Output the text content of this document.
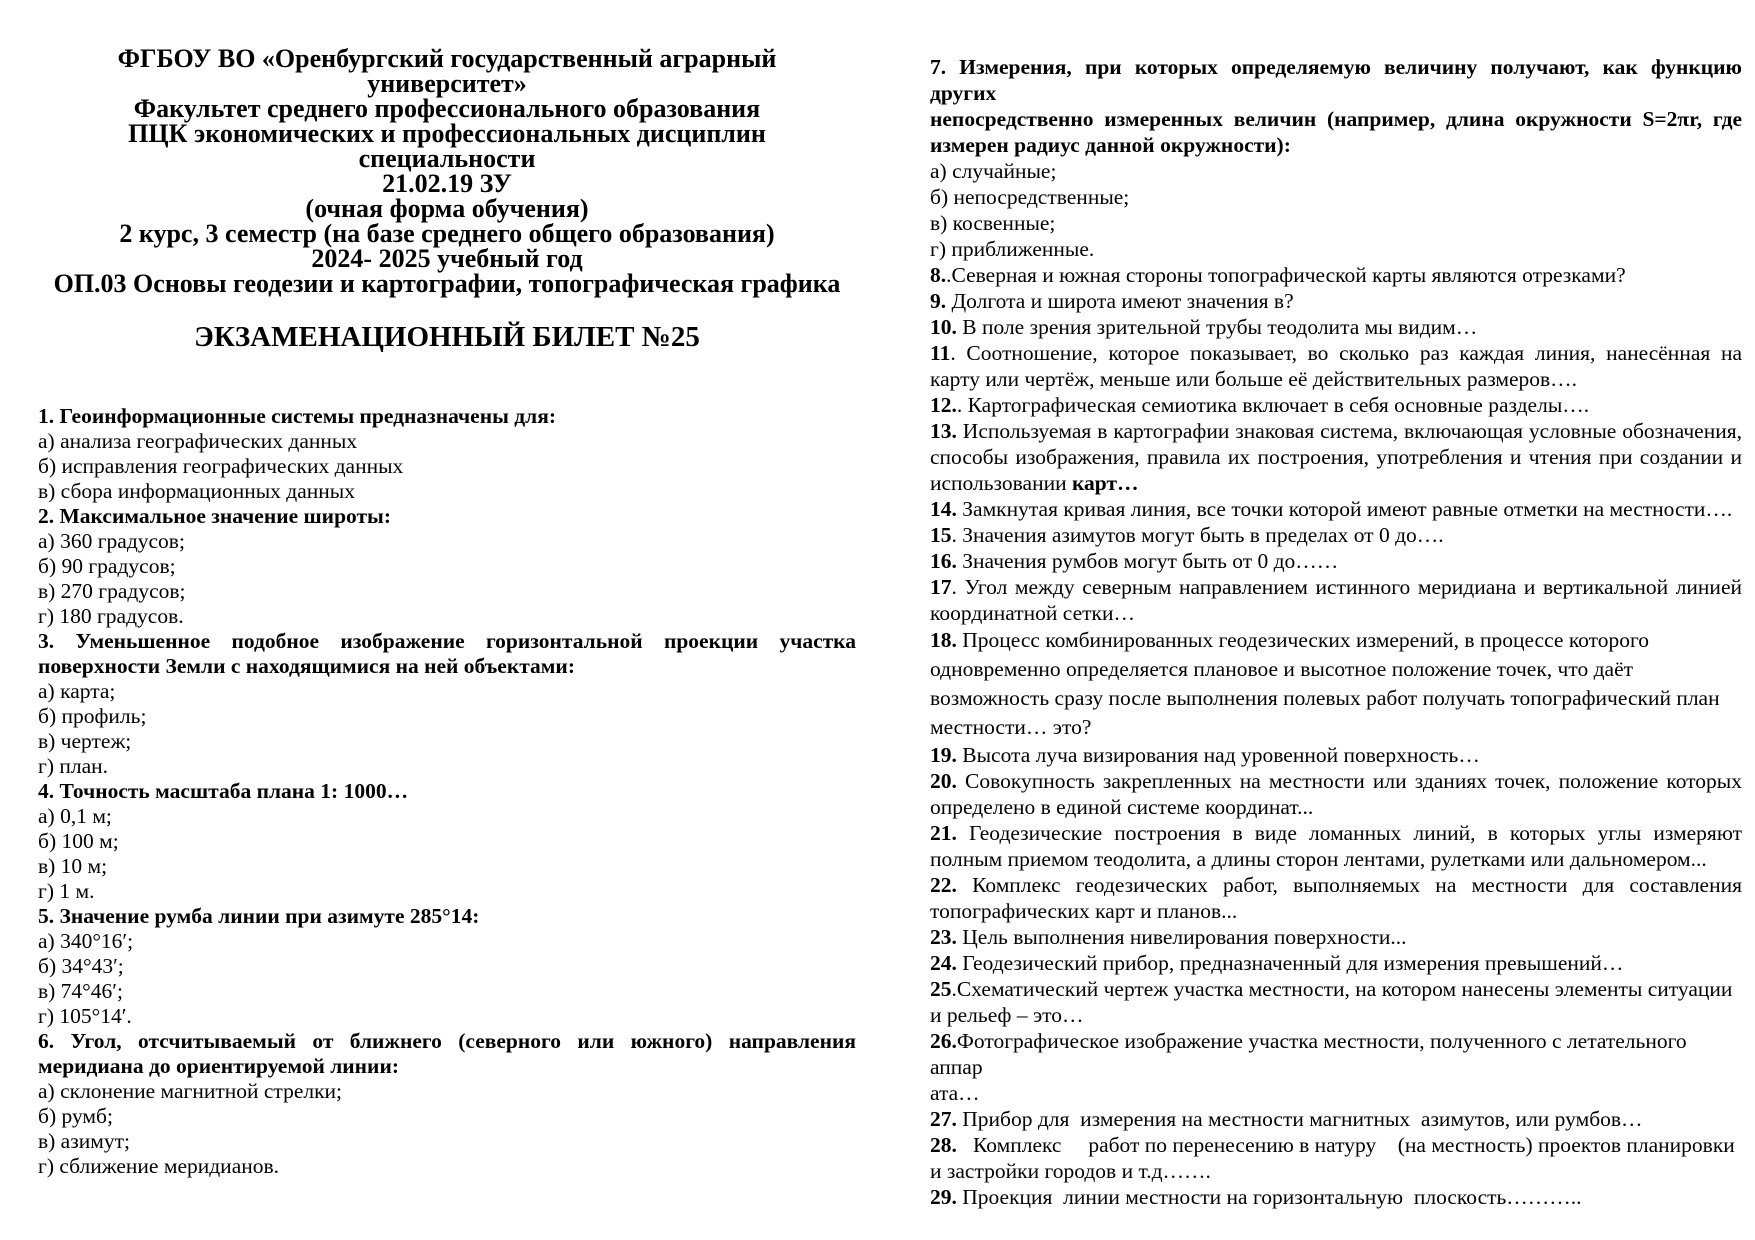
ФГБОУ ВО «Оренбургский государственный аграрный университет»

Факультет среднего профессионального образования

ПЦК экономических и профессиональных дисциплин специальности

21.02.19 ЗУ

(очная форма обучения)

2 курс, 3 семестр (на базе среднего общего образования)

2024- 2025 учебный год

ОП.03 Основы геодезии и картографии, топографическая графика

ЭКЗАМЕНАЦИОННЫЙ БИЛЕТ №25
1. Геоинформационные системы предназначены для:

а) анализа географических данных

б) исправления географических данных

в) сбора информационных данных

2. Максимальное значение широты:

а) 360 градусов;

б) 90 градусов;

в) 270 градусов;

г) 180 градусов.

3. Уменьшенное подобное изображение горизонтальной проекции участка
поверхности Земли с находящимися на ней объектами:

а) карта;

б) профиль;

в) чертеж;

г) план.

4. Точность масштаба плана 1: 1000…

а) 0,1 м;

б) 100 м;

в) 10 м;

г) 1 м.

5. Значение румба линии при азимуте 285°14:

а) 340°16′;

б) 34°43′;

в) 74°46′;

г) 105°14′.

6. Угол, отсчитываемый от ближнего (северного или южного) направления
меридиана до ориентируемой линии:

а) склонение магнитной стрелки;

б) румб;

в) азимут;

г) сближение меридианов.

7. Измерения, при которых определяемую величину получают, как функцию других
непосредственно измеренных величин (например, длина окружности S=2πr, где
измерен радиус данной окружности):

а) случайные;

б) непосредственные;

в) косвенные;

г) приближенные.

8..Северная и южная стороны топографической карты являются отрезками?

9. Долгота и широта имеют значения в?

10. В поле зрения зрительной трубы теодолита мы видим…

11. Соотношение, которое показывает, во сколько раз каждая линия, нанесённая на карту или чертёж, меньше или больше её действительных размеров….

12.. Картографическая семиотика включает в себя основные разделы….

13. Используемая в картографии знаковая система, включающая условные обозначения, способы изображения, правила их построения, употребления и чтения при создании и использовании карт…

14. Замкнутая кривая линия, все точки которой имеют равные отметки на местности….

15. Значения азимутов могут быть в пределах от 0 до….

16. Значения румбов могут быть от 0 до……

17. Угол между северным направлением истинного меридиана и вертикальной линией координатной сетки…

18. Процесс комбинированных геодезических измерений, в процессе которого
одновременно определяется плановое и высотное положение точек, что даёт
возможность сразу после выполнения полевых работ получать топографический план
местности… это?

19. Высота луча визирования над уровенной поверхность…

20. Совокупность закрепленных на местности или зданиях точек, положение которых определено в единой системе координат...

21. Геодезические построения в виде ломанных линий, в которых углы измеряют полным приемом теодолита, а длины сторон лентами, рулетками или дальномером...

22. Комплекс геодезических работ, выполняемых на местности для составления топографических карт и планов...

23. Цель выполнения нивелирования поверхности...

24. Геодезический прибор, предназначенный для измерения превышений…

25.Схематический чертеж участка местности, на котором нанесены элементы ситуации и рельеф – это…

26.Фотографическое изображение участка местности, полученного с летательного аппар
ата…

27. Прибор для  измерения на местности магнитных  азимутов, или румбов…

28.   Комплекс     работ по перенесению в натуру    (на местность) проектов планировки
и застройки городов и т.д…….

29. Проекция  линии местности на горизонтальную  плоскость………..
